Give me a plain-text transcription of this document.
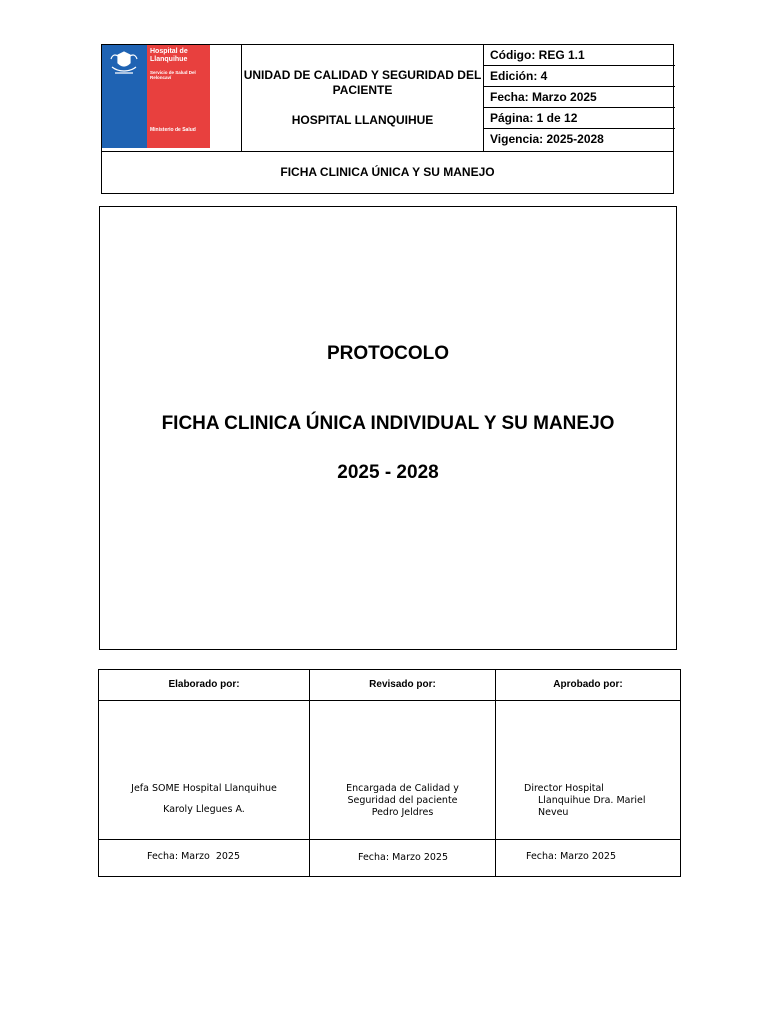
Hospital de Llanquihue
Servicio de Salud Del Reloncaví
Ministerio de Salud
UNIDAD DE CALIDAD Y SEGURIDAD DEL PACIENTE
HOSPITAL LLANQUIHUE
Código: REG 1.1
Edición: 4
Fecha: Marzo 2025
Página: 1 de 12
Vigencia: 2025-2028
FICHA CLINICA ÚNICA Y SU MANEJO
PROTOCOLO
FICHA CLINICA ÚNICA INDIVIDUAL Y SU MANEJO
2025 - 2028
Elaborado por:
Jefa SOME Hospital Llanquihue
Karoly Llegues A.
Fecha: Marzo  2025
Revisado por:
Encargada de Calidad y Seguridad del paciente Pedro Jeldres
Fecha: Marzo 2025
Aprobado por:
Director Hospital
Llanquihue Dra. Mariel Neveu
Fecha: Marzo 2025
